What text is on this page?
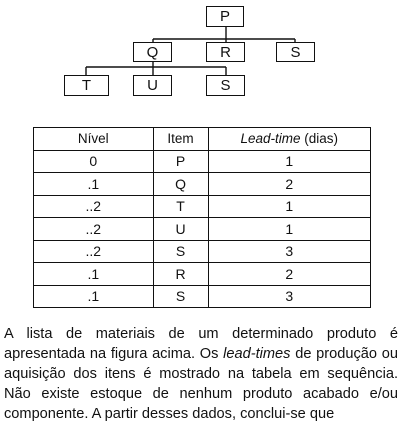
P
Q	R	S
T	U	S
Nível	Item	Lead-time (dias)
0	P	1
.1	Q	2
..2	T	1
..2	U	1
..2	S	3
.1	R	2
.1	S	3
A lista de materiais de um determinado produto é apresentada na figura acima. Os lead-times de produção ou aquisição dos itens é mostrado na tabela em sequência. Não existe estoque de nenhum produto acabado e/ou componente. A partir desses dados, conclui-se que
